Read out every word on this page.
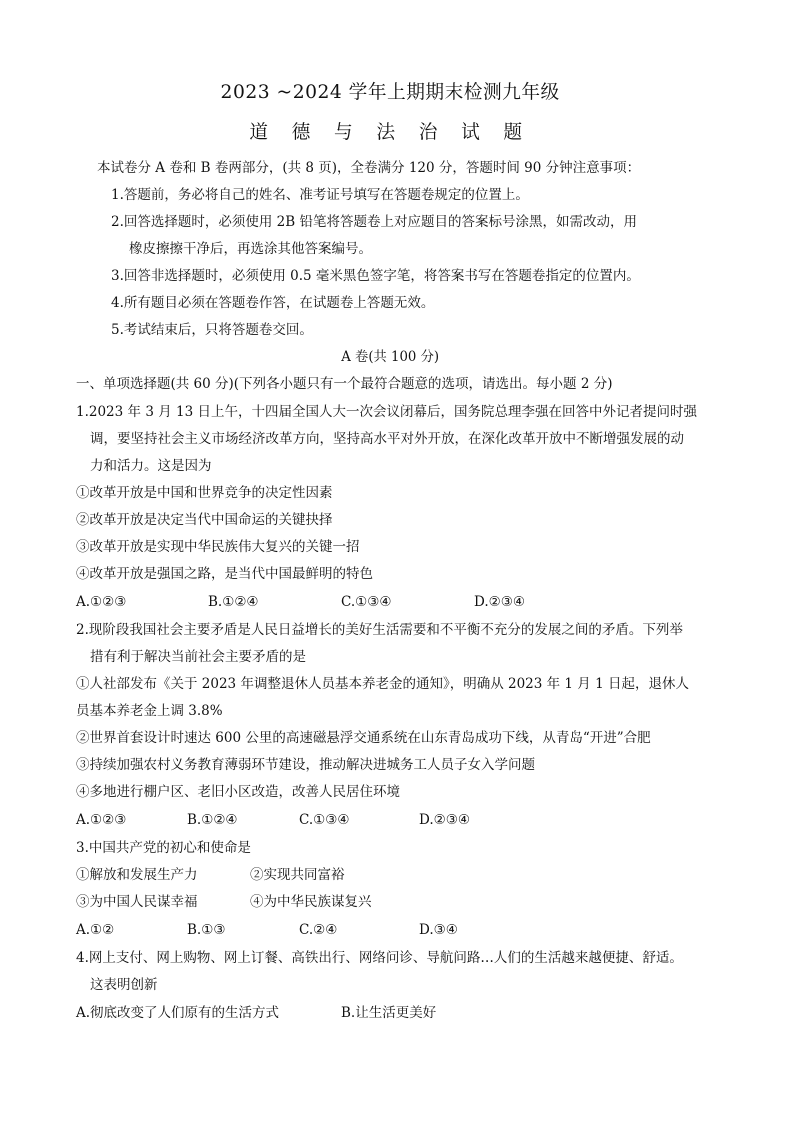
2023 ~2024 学年上期期末检测九年级
道 德 与 法 治 试 题
本试卷分 A 卷和 B 卷两部分，(共 8 页)，全卷满分 120 分，答题时间 90 分钟注意事项：
1.答题前，务必将自己的姓名、准考证号填写在答题卷规定的位置上。
2.回答选择题时，必须使用 2B 铅笔将答题卷上对应题目的答案标号涂黑，如需改动，用
橡皮擦擦干净后，再选涂其他答案编号。
3.回答非选择题时，必须使用 0.5 毫米黑色签字笔，将答案书写在答题卷指定的位置内。
4.所有题目必须在答题卷作答，在试题卷上答题无效。
5.考试结束后，只将答题卷交回。
A 卷(共 100 分)
一、单项选择题(共 60 分)(下列各小题只有一个最符合题意的选项，请选出。每小题 2 分)
1.2023 年 3 月 13 日上午，十四届全国人大一次会议闭幕后，国务院总理李强在回答中外记者提问时强
调，要坚持社会主义市场经济改革方向，坚持高水平对外开放，在深化改革开放中不断增强发展的动
力和活力。这是因为
①改革开放是中国和世界竞争的决定性因素
②改革开放是决定当代中国命运的关键抉择
③改革开放是实现中华民族伟大复兴的关键一招
④改革开放是强国之路，是当代中国最鲜明的特色
A.①②③	B.①②④	C.①③④	D.②③④
2.现阶段我国社会主要矛盾是人民日益增长的美好生活需要和不平衡不充分的发展之间的矛盾。下列举
措有利于解决当前社会主要矛盾的是
①人社部发布《关于 2023 年调整退休人员基本养老金的通知》，明确从 2023 年 1 月 1 日起，退休人
员基本养老金上调 3.8%
②世界首套设计时速达 600 公里的高速磁悬浮交通系统在山东青岛成功下线，从青岛“开进”合肥
③持续加强农村义务教育薄弱环节建设，推动解决进城务工人员子女入学问题
④多地进行棚户区、老旧小区改造，改善人民居住环境
A.①②③	B.①②④	C.①③④	D.②③④
3.中国共产党的初心和使命是
①解放和发展生产力	②实现共同富裕
③为中国人民谋幸福	④为中华民族谋复兴
A.①②	B.①③	C.②④	D.③④
4.网上支付、网上购物、网上订餐、高铁出行、网络问诊、导航问路…人们的生活越来越便捷、舒适。
这表明创新
A.彻底改变了人们原有的生活方式	B.让生活更美好
